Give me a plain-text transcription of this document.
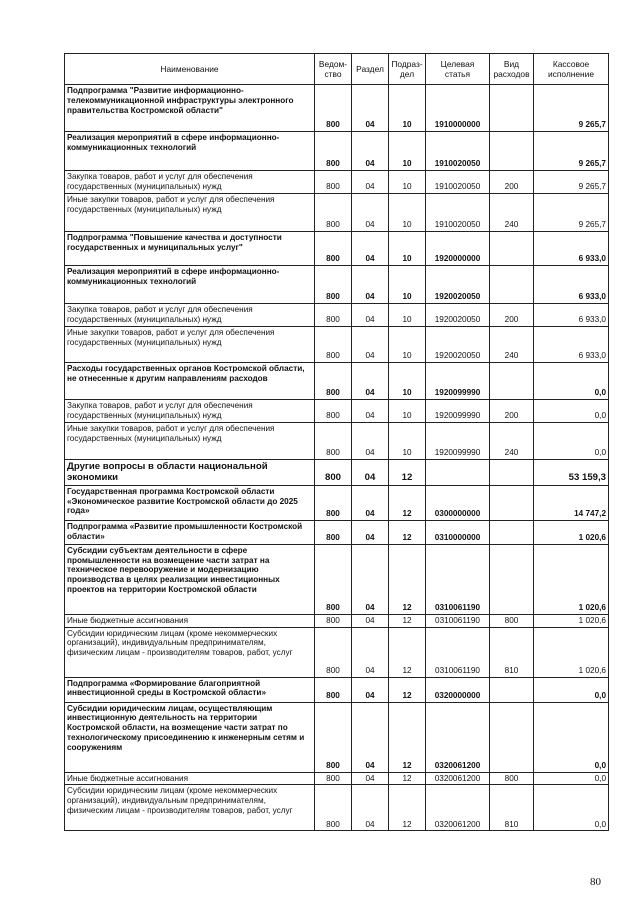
Наименование	Ведом-ство	Раздел	Подраз-дел	Целевая статья	Вид расходов	Кассовое исполнение
Подпрограмма "Развитие информационно-телекоммуникационной инфраструктуры электронного правительства Костромской области"	800	04	10	1910000000		9 265,7
Реализация мероприятий в сфере информационно-коммуникационных технологий	800	04	10	1910020050		9 265,7
Закупка товаров, работ и услуг для обеспечения государственных (муниципальных) нужд	800	04	10	1910020050	200	9 265,7
Иные закупки товаров, работ и услуг для обеспечения государственных (муниципальных) нужд	800	04	10	1910020050	240	9 265,7
Подпрограмма "Повышение качества и доступности государственных и муниципальных услуг"	800	04	10	1920000000		6 933,0
Реализация мероприятий в сфере информационно-коммуникационных технологий	800	04	10	1920020050		6 933,0
Закупка товаров, работ и услуг для обеспечения государственных (муниципальных) нужд	800	04	10	1920020050	200	6 933,0
Иные закупки товаров, работ и услуг для обеспечения государственных (муниципальных) нужд	800	04	10	1920020050	240	6 933,0
Расходы государственных органов Костромской области, не отнесенные к другим направлениям расходов	800	04	10	1920099990		0,0
Закупка товаров, работ и услуг для обеспечения государственных (муниципальных) нужд	800	04	10	1920099990	200	0,0
Иные закупки товаров, работ и услуг для обеспечения государственных (муниципальных) нужд	800	04	10	1920099990	240	0,0
Другие вопросы в области национальной экономики	800	04	12			53 159,3
Государственная программа Костромской области «Экономическое развитие Костромской области до 2025 года»	800	04	12	0300000000		14 747,2
Подпрограмма «Развитие промышленности Костромской области»	800	04	12	0310000000		1 020,6
Субсидии субъектам деятельности в сфере промышленности на возмещение части затрат на техническое перевооружение и модернизацию производства в целях реализации инвестиционных проектов на территории Костромской области	800	04	12	0310061190		1 020,6
Иные бюджетные ассигнования	800	04	12	0310061190	800	1 020,6
Субсидии юридическим лицам (кроме некоммерческих организаций), индивидуальным предпринимателям, физическим лицам - производителям товаров, работ, услуг	800	04	12	0310061190	810	1 020,6
Подпрограмма «Формирование благоприятной инвестиционной среды в Костромской области»	800	04	12	0320000000		0,0
Субсидии юридическим лицам, осуществляющим инвестиционную деятельность на территории Костромской области, на возмещение части затрат по технологическому присоединению к инженерным сетям и сооружениям	800	04	12	0320061200		0,0
Иные бюджетные ассигнования	800	04	12	0320061200	800	0,0
Субсидии юридическим лицам (кроме некоммерческих организаций), индивидуальным предпринимателям, физическим лицам - производителям товаров, работ, услуг	800	04	12	0320061200	810	0,0
80
